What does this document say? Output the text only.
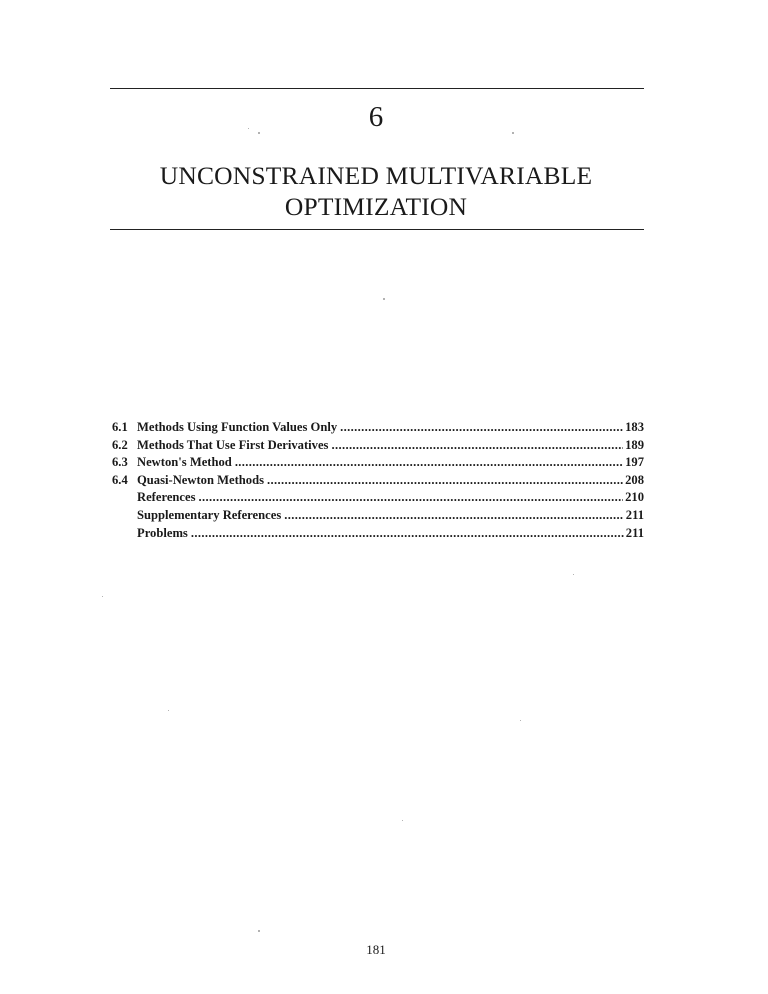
6
UNCONSTRAINED MULTIVARIABLE
OPTIMIZATION
6.1 Methods Using Function Values Only . . .	183
6.2 Methods That Use First Derivatives . . .	189
6.3 Newton's Method . . .	197
6.4 Quasi-Newton Methods . . .	208
References . . .	210
Supplementary References . . .	211
Problems . . .	211
181
